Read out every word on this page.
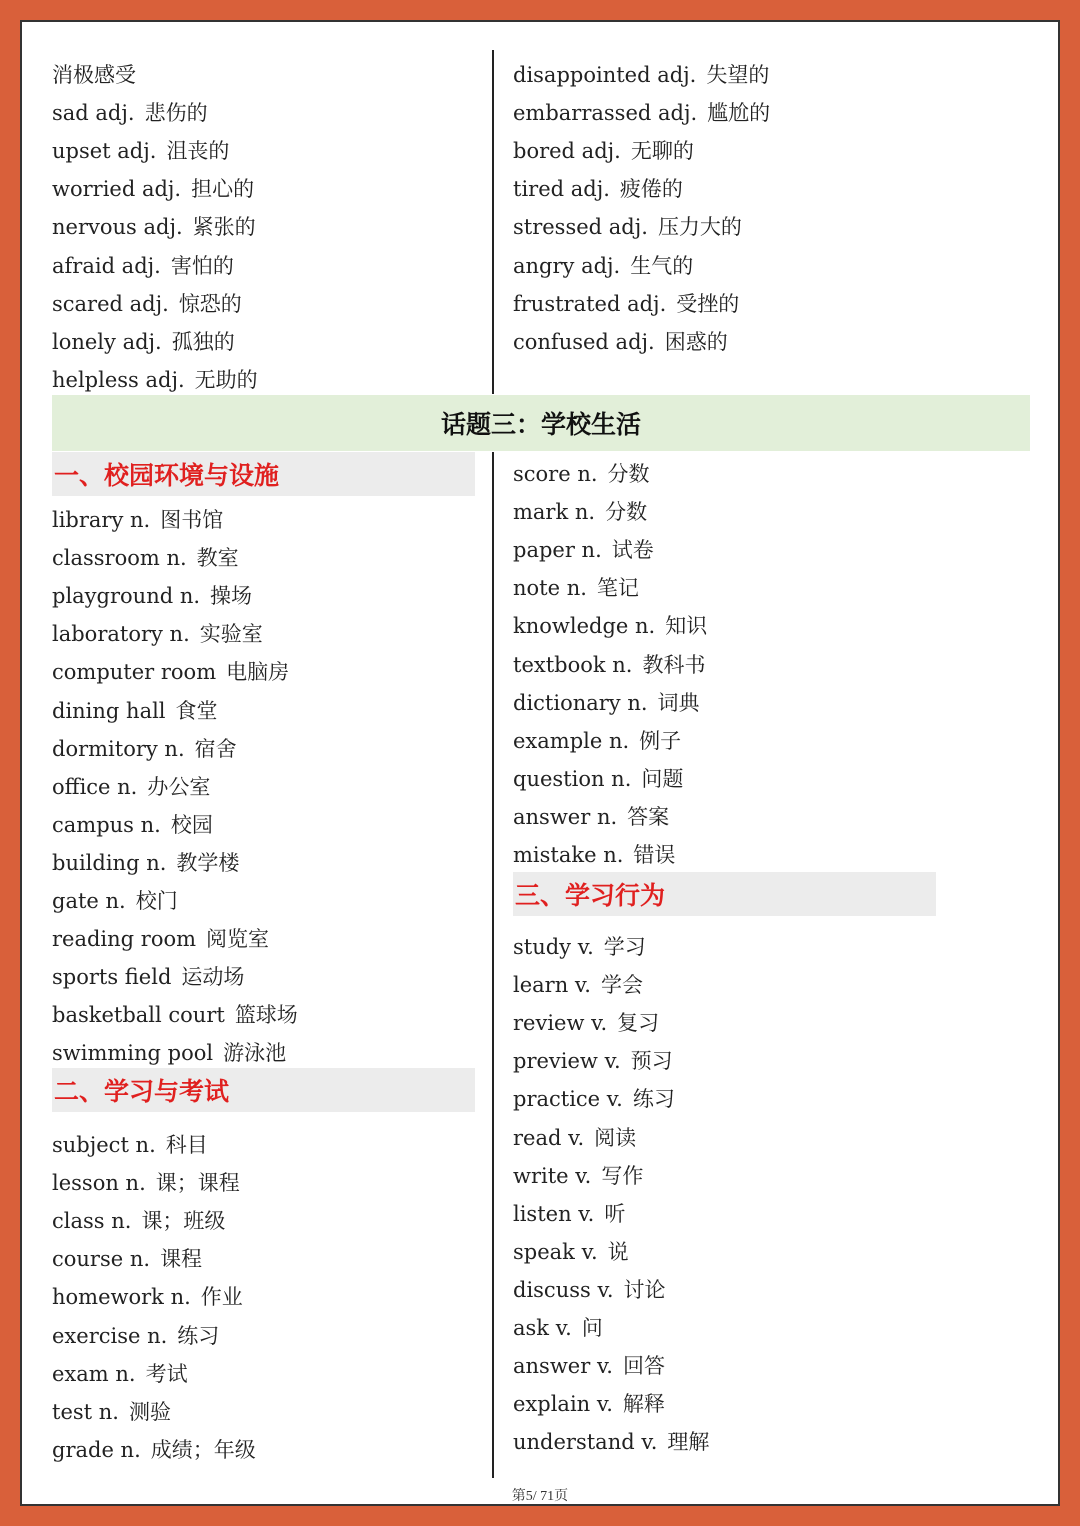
消极感受
sad adj. 悲伤的
upset adj. 沮丧的
worried adj. 担心的
nervous adj. 紧张的
afraid adj. 害怕的
scared adj. 惊恐的
lonely adj. 孤独的
helpless adj. 无助的
disappointed adj. 失望的
embarrassed adj. 尴尬的
bored adj. 无聊的
tired adj. 疲倦的
stressed adj. 压力大的
angry adj. 生气的
frustrated adj. 受挫的
confused adj. 困惑的
话题三：学校生活
一、校园环境与设施
library n. 图书馆
classroom n. 教室
playground n. 操场
laboratory n. 实验室
computer room 电脑房
dining hall 食堂
dormitory n. 宿舍
office n. 办公室
campus n. 校园
building n. 教学楼
gate n. 校门
reading room 阅览室
sports field 运动场
basketball court 篮球场
swimming pool 游泳池
二、学习与考试
subject n. 科目
lesson n. 课；课程
class n. 课；班级
course n. 课程
homework n. 作业
exercise n. 练习
exam n. 考试
test n. 测验
grade n. 成绩；年级
score n. 分数
mark n. 分数
paper n. 试卷
note n. 笔记
knowledge n. 知识
textbook n. 教科书
dictionary n. 词典
example n. 例子
question n. 问题
answer n. 答案
mistake n. 错误
三、学习行为
study v. 学习
learn v. 学会
review v. 复习
preview v. 预习
practice v. 练习
read v. 阅读
write v. 写作
listen v. 听
speak v. 说
discuss v. 讨论
ask v. 问
answer v. 回答
explain v. 解释
understand v. 理解
第5/ 71页
